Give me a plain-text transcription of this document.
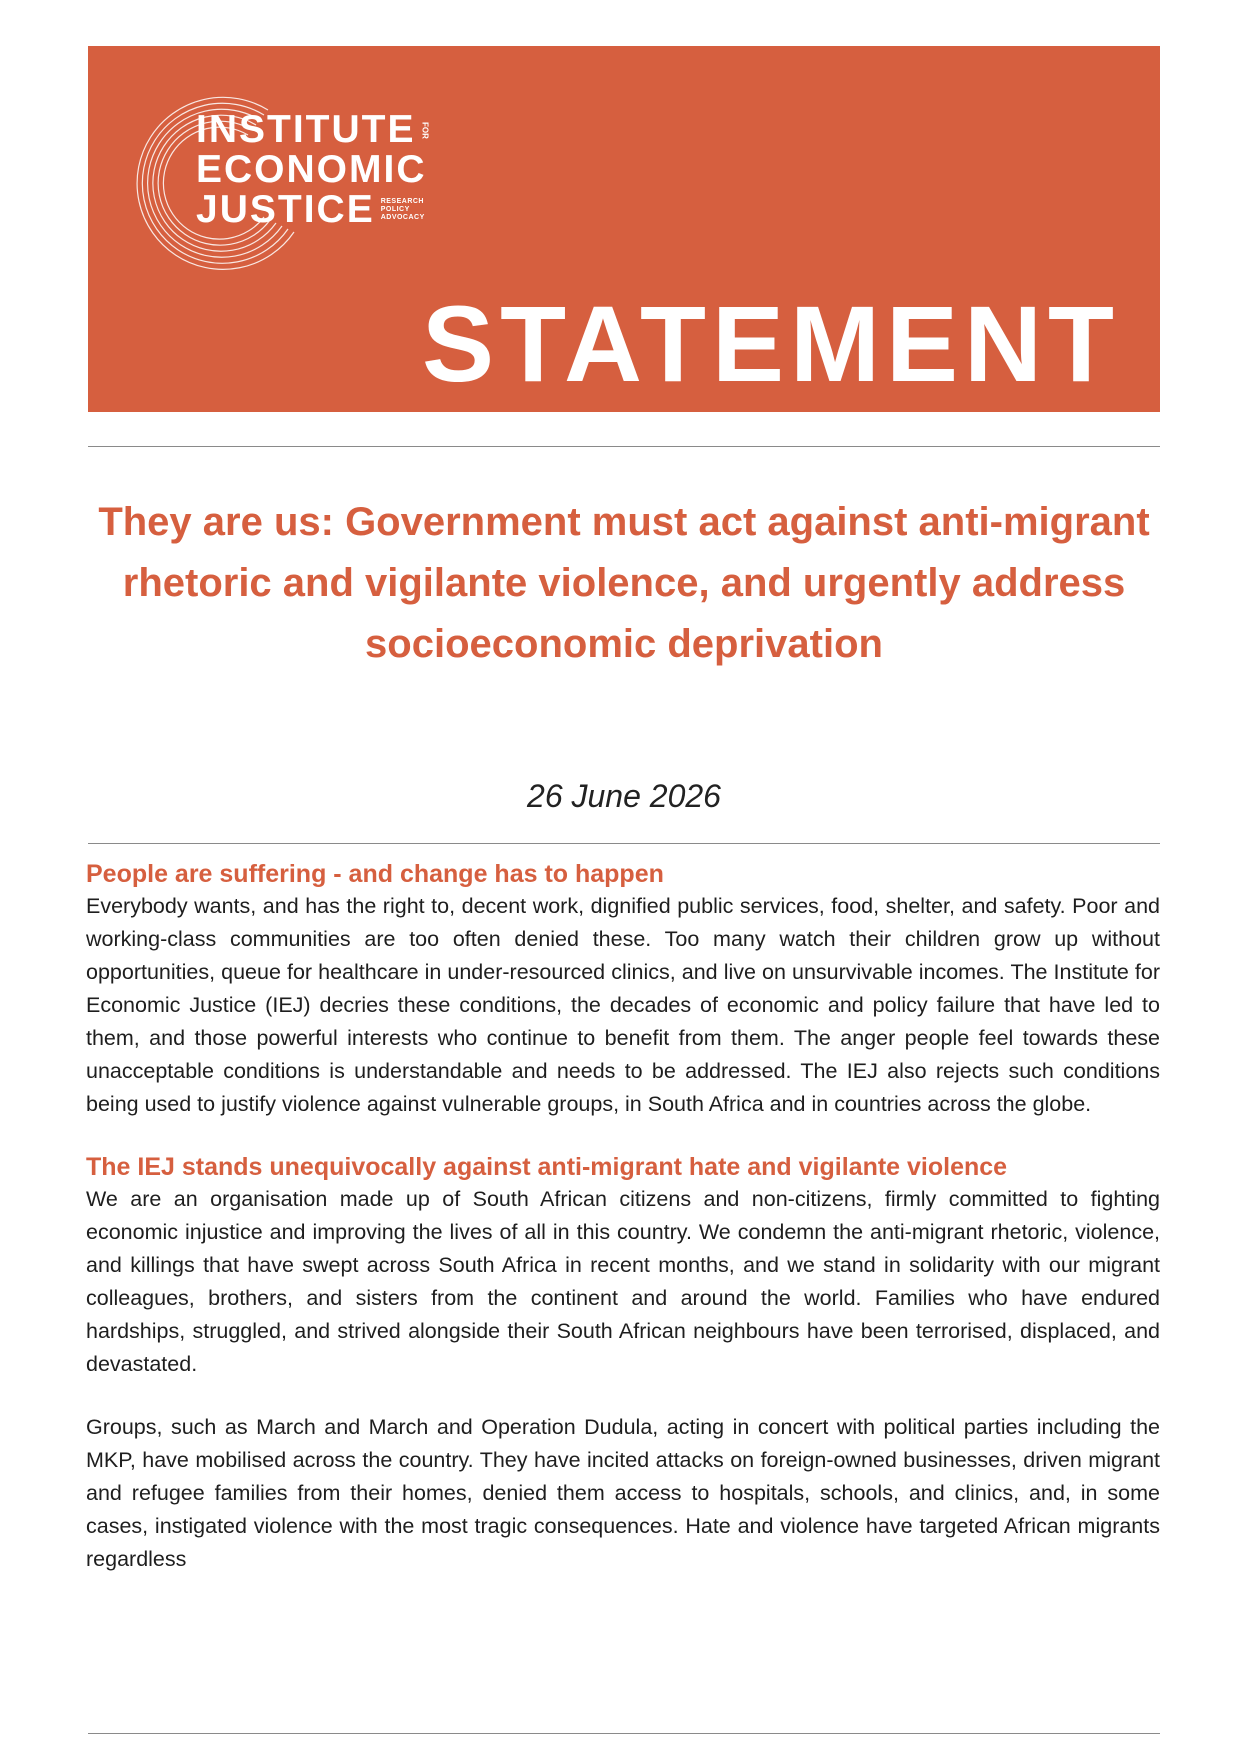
INSTITUTE FOR
ECONOMIC
JUSTICE RESEARCH
POLICY
ADVOCACY
STATEMENT
They are us: Government must act against anti-migrant rhetoric and vigilante violence, and urgently address socioeconomic deprivation
26 June 2026
People are suffering - and change has to happen

Everybody wants, and has the right to, decent work, dignified public services, food, shelter, and safety. Poor and working-class communities are too often denied these. Too many watch their children grow up without opportunities, queue for healthcare in under-resourced clinics, and live on unsurvivable incomes. The Institute for Economic Justice (IEJ) decries these conditions, the decades of economic and policy failure that have led to them, and those powerful interests who continue to benefit from them. The anger people feel towards these unacceptable conditions is understandable and needs to be addressed. The IEJ also rejects such conditions being used to justify violence against vulnerable groups, in South Africa and in countries across the globe.

The IEJ stands unequivocally against anti-migrant hate and vigilante violence

We are an organisation made up of South African citizens and non-citizens, firmly committed to fighting economic injustice and improving the lives of all in this country. We condemn the anti-migrant rhetoric, violence, and killings that have swept across South Africa in recent months, and we stand in solidarity with our migrant colleagues, brothers, and sisters from the continent and around the world. Families who have endured hardships, struggled, and strived alongside their South African neighbours have been terrorised, displaced, and devastated.

Groups, such as March and March and Operation Dudula, acting in concert with political parties including the MKP, have mobilised across the country. They have incited attacks on foreign-owned businesses, driven migrant and refugee families from their homes, denied them access to hospitals, schools, and clinics, and, in some cases, instigated violence with the most tragic consequences. Hate and violence have targeted African migrants regardless
